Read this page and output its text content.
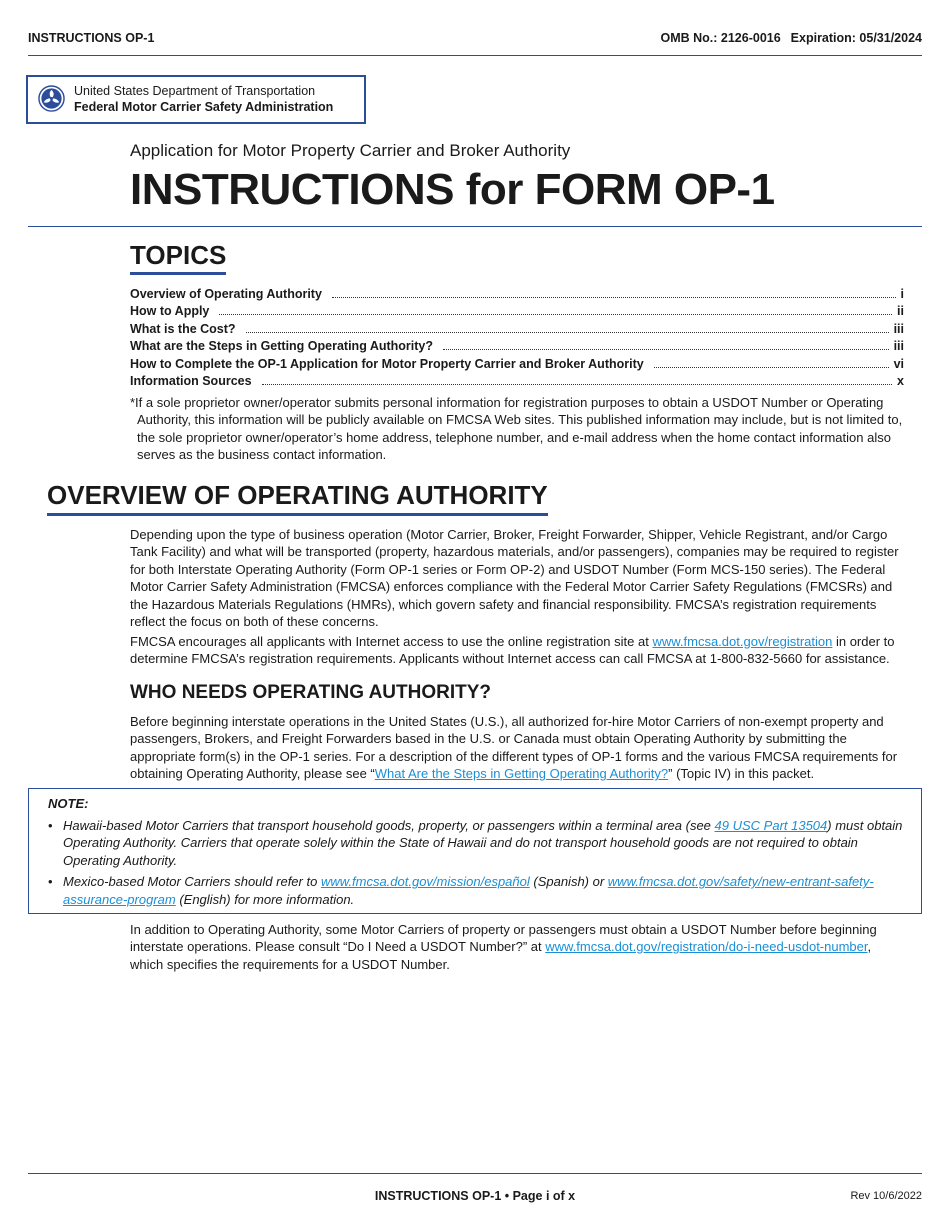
INSTRUCTIONS OP-1	OMB No.: 2126-0016 Expiration: 05/31/2024
United States Department of Transportation
Federal Motor Carrier Safety Administration
Application for Motor Property Carrier and Broker Authority
INSTRUCTIONS for FORM OP-1
TOPICS
Overview of Operating Authority	i
How to Apply	ii
What is the Cost?	iii
What are the Steps in Getting Operating Authority?	iii
How to Complete the OP-1 Application for Motor Property Carrier and Broker Authority	vi
Information Sources	x
*If a sole proprietor owner/operator submits personal information for registration purposes to obtain a USDOT Number or Operating Authority, this information will be publicly available on FMCSA Web sites. This published information may include, but is not limited to, the sole proprietor owner/operator’s home address, telephone number, and e-mail address when the home contact information also serves as the business contact information.
OVERVIEW OF OPERATING AUTHORITY
Depending upon the type of business operation (Motor Carrier, Broker, Freight Forwarder, Shipper, Vehicle Registrant, and/or Cargo Tank Facility) and what will be transported (property, hazardous materials, and/or passengers), companies may be required to register for both Interstate Operating Authority (Form OP-1 series or Form OP-2) and USDOT Number (Form MCS-150 series). The Federal Motor Carrier Safety Administration (FMCSA) enforces compliance with the Federal Motor Carrier Safety Regulations (FMCSRs) and the Hazardous Materials Regulations (HMRs), which govern safety and financial responsibility. FMCSA’s registration requirements reflect the focus on both of these concerns.
FMCSA encourages all applicants with Internet access to use the online registration site at www.fmcsa.dot.gov/registration in order to determine FMCSA’s registration requirements. Applicants without Internet access can call FMCSA at 1-800-832-5660 for assistance.
WHO NEEDS OPERATING AUTHORITY?
Before beginning interstate operations in the United States (U.S.), all authorized for-hire Motor Carriers of non-exempt property and passengers, Brokers, and Freight Forwarders based in the U.S. or Canada must obtain Operating Authority by submitting the appropriate form(s) in the OP-1 series. For a description of the different types of OP-1 forms and the various FMCSA requirements for obtaining Operating Authority, please see “What Are the Steps in Getting Operating Authority?” (Topic IV) in this packet.
NOTE:
• Hawaii-based Motor Carriers that transport household goods, property, or passengers within a terminal area (see 49 USC Part 13504) must obtain Operating Authority. Carriers that operate solely within the State of Hawaii and do not transport household goods are not required to obtain Operating Authority.
• Mexico-based Motor Carriers should refer to www.fmcsa.dot.gov/mission/español (Spanish) or www.fmcsa.dot.gov/safety/new-entrant-safety-assurance-program (English) for more information.
In addition to Operating Authority, some Motor Carriers of property or passengers must obtain a USDOT Number before beginning interstate operations. Please consult “Do I Need a USDOT Number?” at www.fmcsa.dot.gov/registration/do-i-need-usdot-number, which specifies the requirements for a USDOT Number.
INSTRUCTIONS OP-1 • Page i of x	Rev 10/6/2022
